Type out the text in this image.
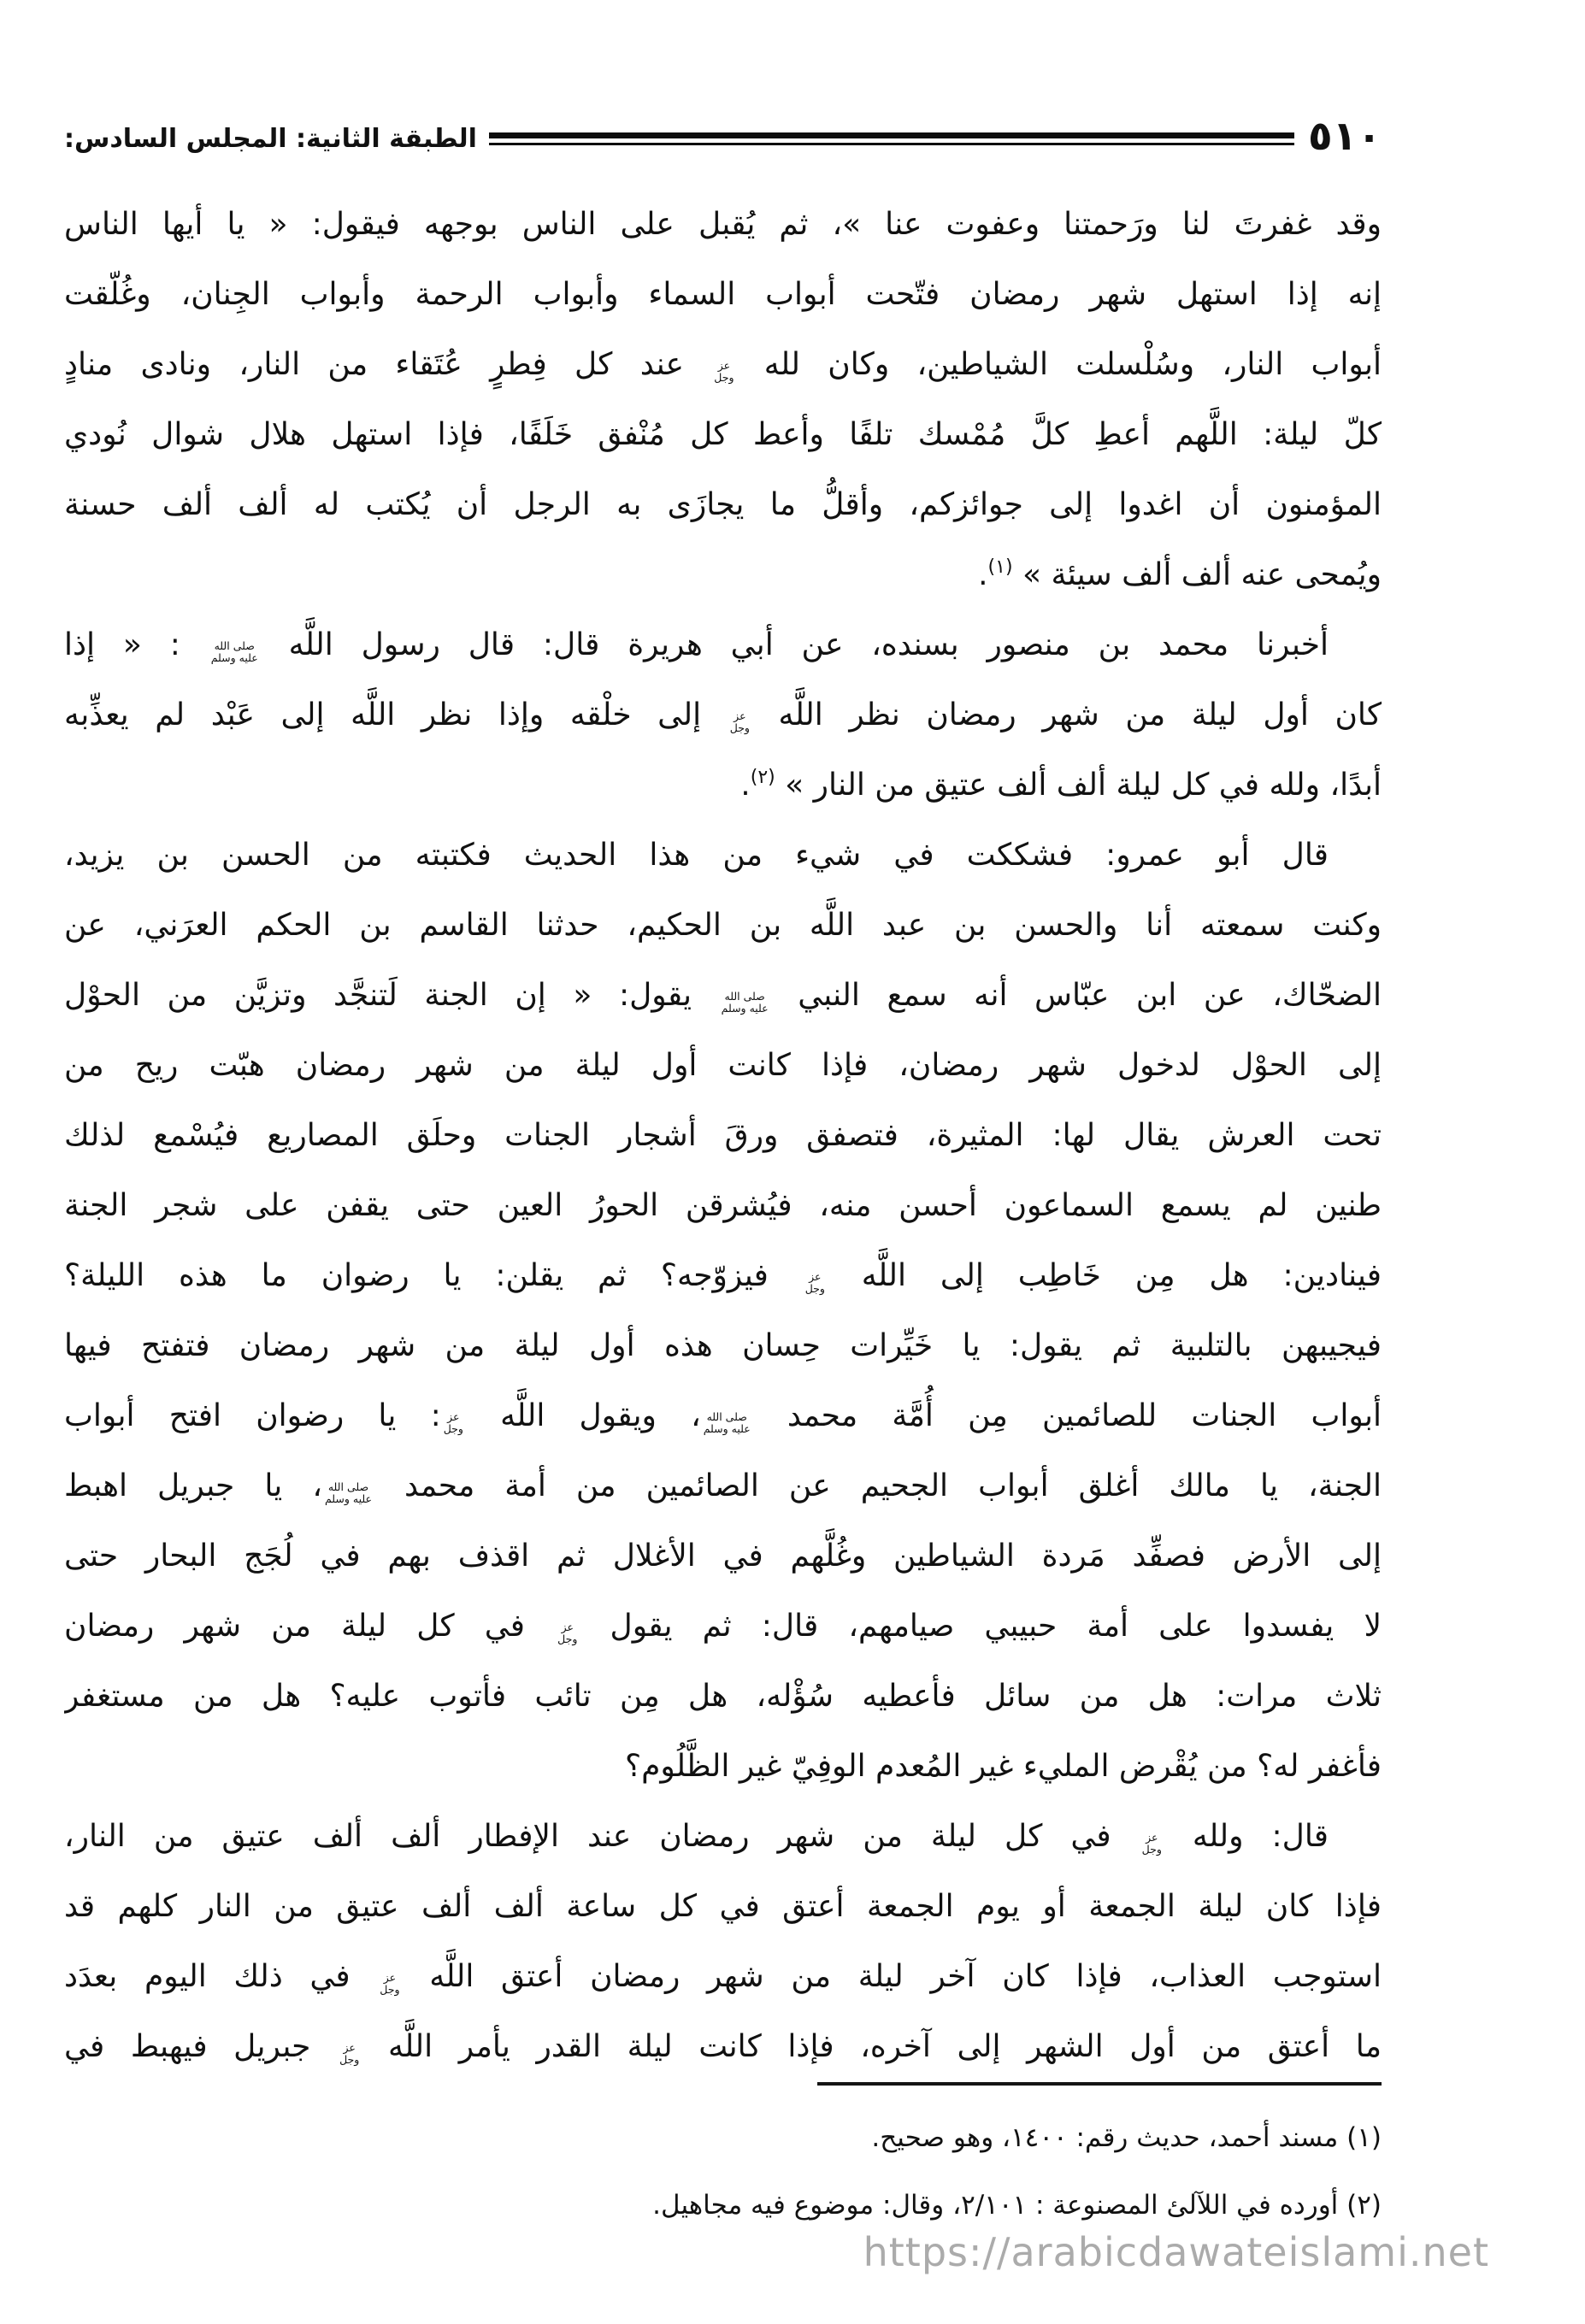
٥١٠
الطبقة الثانية: المجلس السادس:
وقد غفرتَ لنا ورَحمتنا وعفوت عنا »، ثم يُقبل على الناس بوجهه فيقول: « يا أيها الناس
إنه إذا استهل شهر رمضان فتّحت أبواب السماء وأبواب الرحمة وأبواب الجِنان، وغُلّقت
أبواب النار، وسُلْسلت الشياطين، وكان لله عز
وجل عند كل فِطرٍ عُتَقاء من النار، ونادى منادٍ
كلّ ليلة: اللَّهم أعطِ كلَّ مُمْسك تلفًا وأعط كل مُنْفق خَلَفًا، فإذا استهل هلال شوال نُودي
المؤمنون أن اغدوا إلى جوائزكم، وأقلُّ ما يجازَى به الرجل أن يُكتب له ألف ألف حسنة
ويُمحى عنه ألف ألف سيئة » $^{(١)}$.
أخبرنا محمد بن منصور بسنده، عن أبي هريرة قال: قال رسول اللَّه صلى الله
عليه وسلم : « إذا
كان أول ليلة من شهر رمضان نظر اللَّه عز
وجل إلى خلْقه وإذا نظر اللَّه إلى عَبْد لم يعذِّبه
أبدًا، ولله في كل ليلة ألف ألف عتيق من النار » $^{(٢)}$.
قال أبو عمرو: فشككت في شيء من هذا الحديث فكتبته من الحسن بن يزيد،
وكنت سمعته أنا والحسن بن عبد اللَّه بن الحكيم، حدثنا القاسم بن الحكم العرَني، عن
الضحّاك، عن ابن عبّاس أنه سمع النبي صلى الله
عليه وسلم يقول: « إن الجنة لَتنجَّد وتزيَّن من الحوْل
إلى الحوْل لدخول شهر رمضان، فإذا كانت أول ليلة من شهر رمضان هبّت ريح من
تحت العرش يقال لها: المثيرة، فتصفق ورقَ أشجار الجنات وحلَق المصاريع فيُسْمع لذلك
طنين لم يسمع السماعون أحسن منه، فيُشرقن الحورُ العين حتى يقفن على شجر الجنة
فينادين: هل مِن خَاطِب إلى اللَّه عز
وجل فيزوّجه؟ ثم يقلن: يا رضوان ما هذه الليلة؟
فيجيبهن بالتلبية ثم يقول: يا خَيِّرات حِسان هذه أول ليلة من شهر رمضان فتفتح فيها
أبواب الجنات للصائمين مِن أُمَّة محمد صلى الله
عليه وسلم، ويقول اللَّه عز
وجل: يا رضوان افتح أبواب
الجنة، يا مالك أغلق أبواب الجحيم عن الصائمين من أمة محمد صلى الله
عليه وسلم، يا جبريل اهبط
إلى الأرض فصفِّد مَردة الشياطين وغُلَّهم في الأغلال ثم اقذف بهم في لُجَج البحار حتى
لا يفسدوا على أمة حبيبي صيامهم، قال: ثم يقول عز
وجل في كل ليلة من شهر رمضان
ثلاث مرات: هل من سائل فأعطيه سُؤْله، هل مِن تائب فأتوب عليه؟ هل من مستغفر
فأغفر له؟ من يُقْرض المليء غير المُعدم الوفِيّ غير الظَّلُوم؟
قال: ولله عز
وجل في كل ليلة من شهر رمضان عند الإفطار ألف ألف عتيق من النار،
فإذا كان ليلة الجمعة أو يوم الجمعة أعتق في كل ساعة ألف ألف عتيق من النار كلهم قد
استوجب العذاب، فإذا كان آخر ليلة من شهر رمضان أعتق اللَّه عز
وجل في ذلك اليوم بعدَد
ما أعتق من أول الشهر إلى آخره، فإذا كانت ليلة القدر يأمر اللَّه عز
وجل جبريل فيهبط في
(١) مسند أحمد، حديث رقم: ١٤٠٠، وهو صحيح.
(٢) أورده في اللآلئ المصنوعة : ٢/١٠١، وقال: موضوع فيه مجاهيل.
https://arabicdawateislami.net
